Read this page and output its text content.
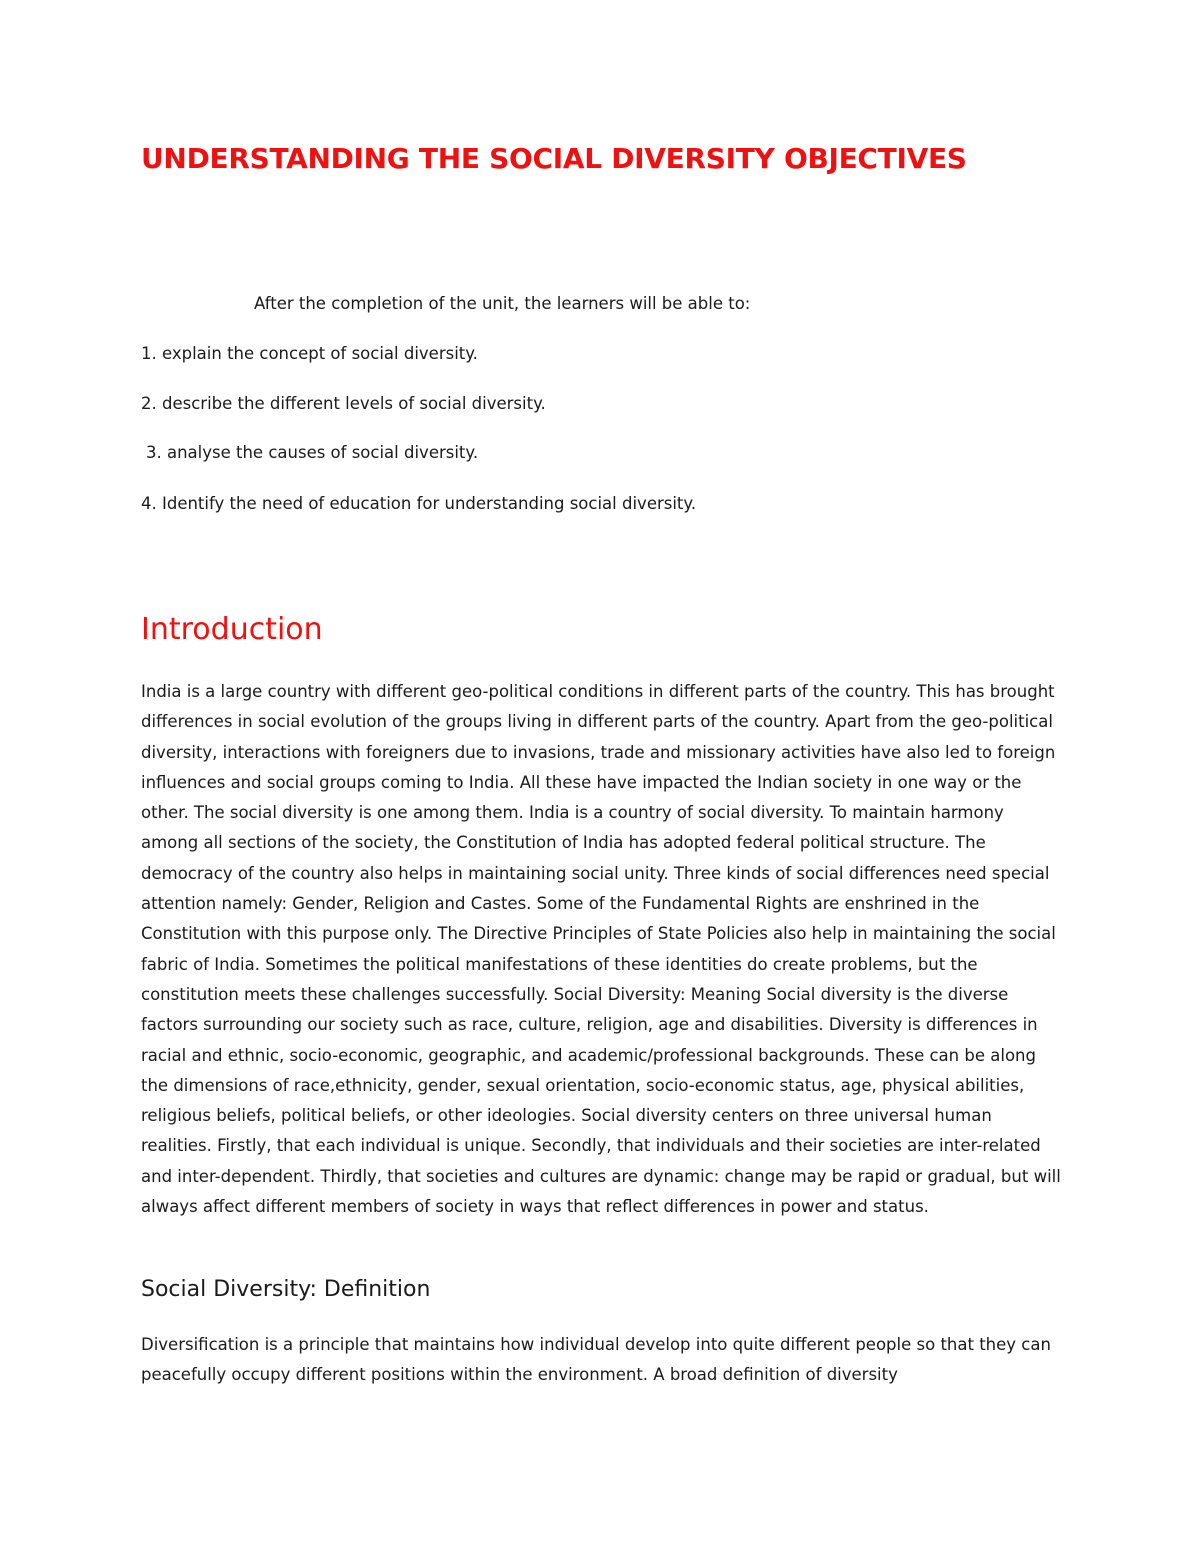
UNDERSTANDING THE SOCIAL DIVERSITY OBJECTIVES

After the completion of the unit, the learners will be able to:

1. explain the concept of social diversity.

2. describe the different levels of social diversity.

3. analyse the causes of social diversity.

4. Identify the need of education for understanding social diversity.

Introduction

India is a large country with different geo-political conditions in different parts of the country. This has brought differences in social evolution of the groups living in different parts of the country. Apart from the geo-political diversity, interactions with foreigners due to invasions, trade and missionary activities have also led to foreign influences and social groups coming to India. All these have impacted the Indian society in one way or the other. The social diversity is one among them. India is a country of social diversity. To maintain harmony among all sections of the society, the Constitution of India has adopted federal political structure. The democracy of the country also helps in maintaining social unity. Three kinds of social differences need special attention namely: Gender, Religion and Castes. Some of the Fundamental Rights are enshrined in the Constitution with this purpose only. The Directive Principles of State Policies also help in maintaining the social fabric of India. Sometimes the political manifestations of these identities do create problems, but the constitution meets these challenges successfully. Social Diversity: Meaning Social diversity is the diverse factors surrounding our society such as race, culture, religion, age and disabilities. Diversity is differences in racial and ethnic, socio-economic, geographic, and academic/professional backgrounds. These can be along the dimensions of race,ethnicity, gender, sexual orientation, socio-economic status, age, physical abilities, religious beliefs, political beliefs, or other ideologies. Social diversity centers on three universal human realities. Firstly, that each individual is unique. Secondly, that individuals and their societies are inter-related and inter-dependent. Thirdly, that societies and cultures are dynamic: change may be rapid or gradual, but will always affect different members of society in ways that reflect differences in power and status.

Social Diversity: Definition

Diversification is a principle that maintains how individual develop into quite different people so that they can peacefully occupy different positions within the environment. A broad definition of diversity
